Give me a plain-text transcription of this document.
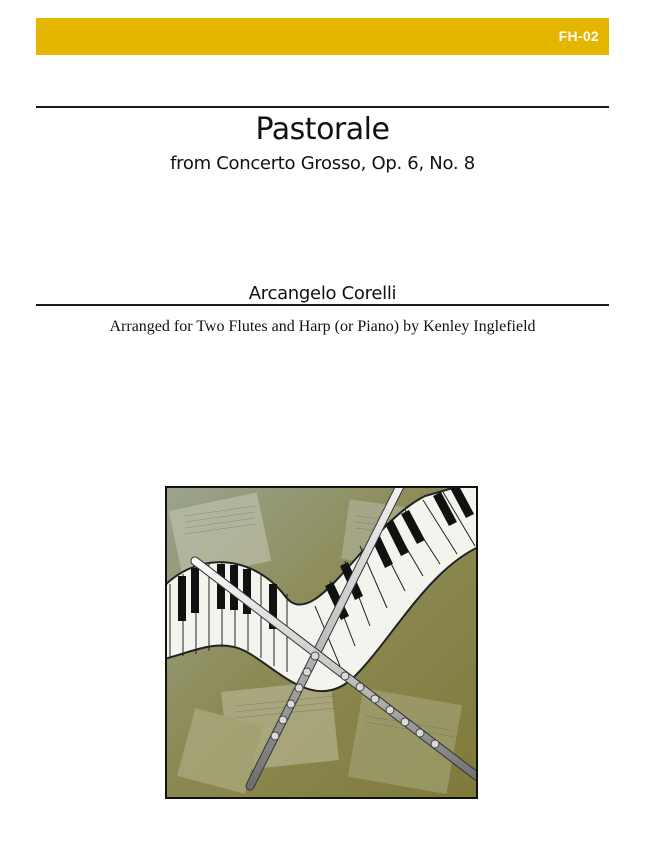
FH-02
Pastorale
from Concerto Grosso, Op. 6, No. 8
Arcangelo Corelli
Arranged for Two Flutes and Harp (or Piano) by Kenley Inglefield
